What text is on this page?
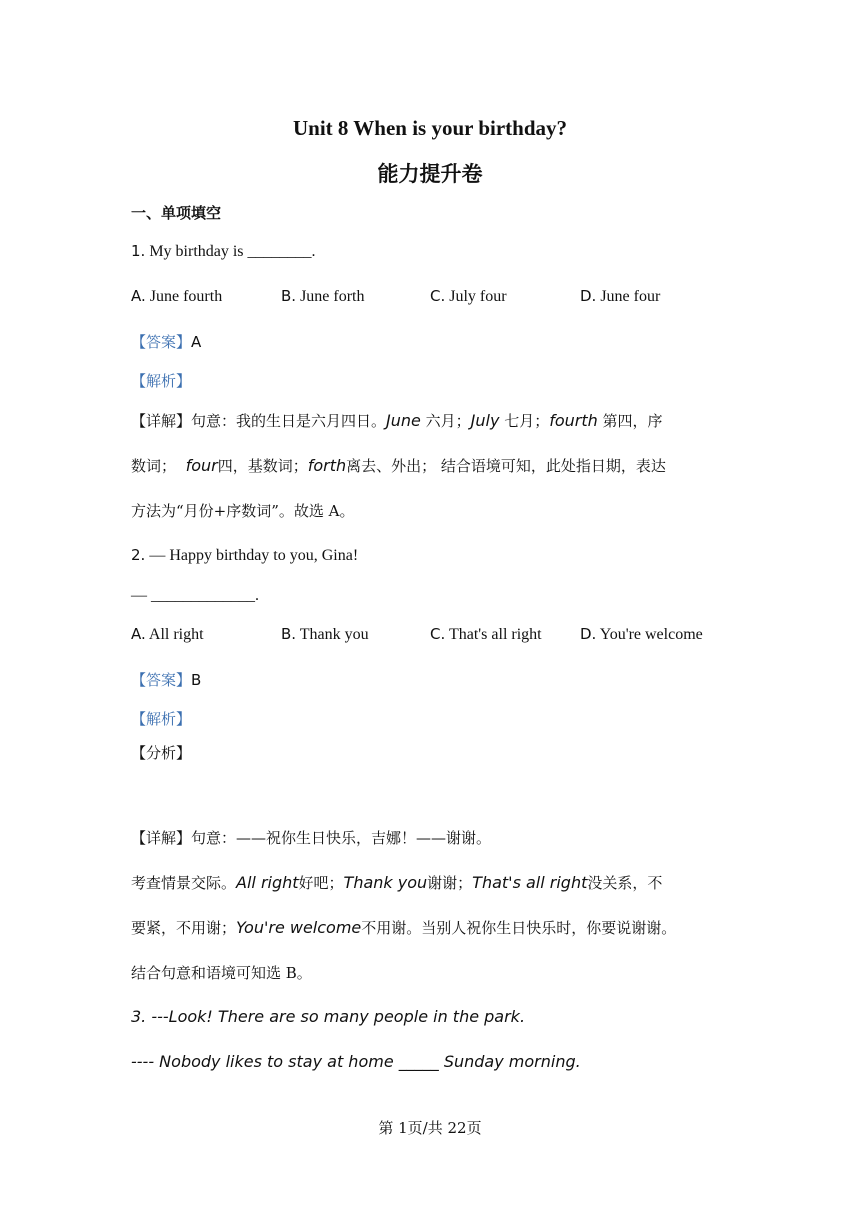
Unit 8 When is your birthday?
能力提升卷
一、单项填空
1. My birthday is ________.
A. June fourth	B. June forth	C. July four	D. June four
【答案】A
【解析】
【详解】句意：我的生日是六月四日。June 六月；July 七月；fourth 第四，序
数词； four四，基数词；forth离去、外出； 结合语境可知，此处指日期，表达
方法为“月份+序数词”。故选 A。
2. — Happy birthday to you, Gina!
— _____________.
A. All right	B. Thank you	C. That's all right	D. You're welcome
【答案】B
【解析】
【分析】
【详解】句意：——祝你生日快乐，吉娜！——谢谢。
考查情景交际。All right好吧；Thank you谢谢；That's all right没关系，不
要紧，不用谢；You're welcome不用谢。当别人祝你生日快乐时，你要说谢谢。
结合句意和语境可知选 B。
3. ---Look! There are so many people in the park.
---- Nobody likes to stay at home _____ Sunday morning.
第 1页/共 22页
